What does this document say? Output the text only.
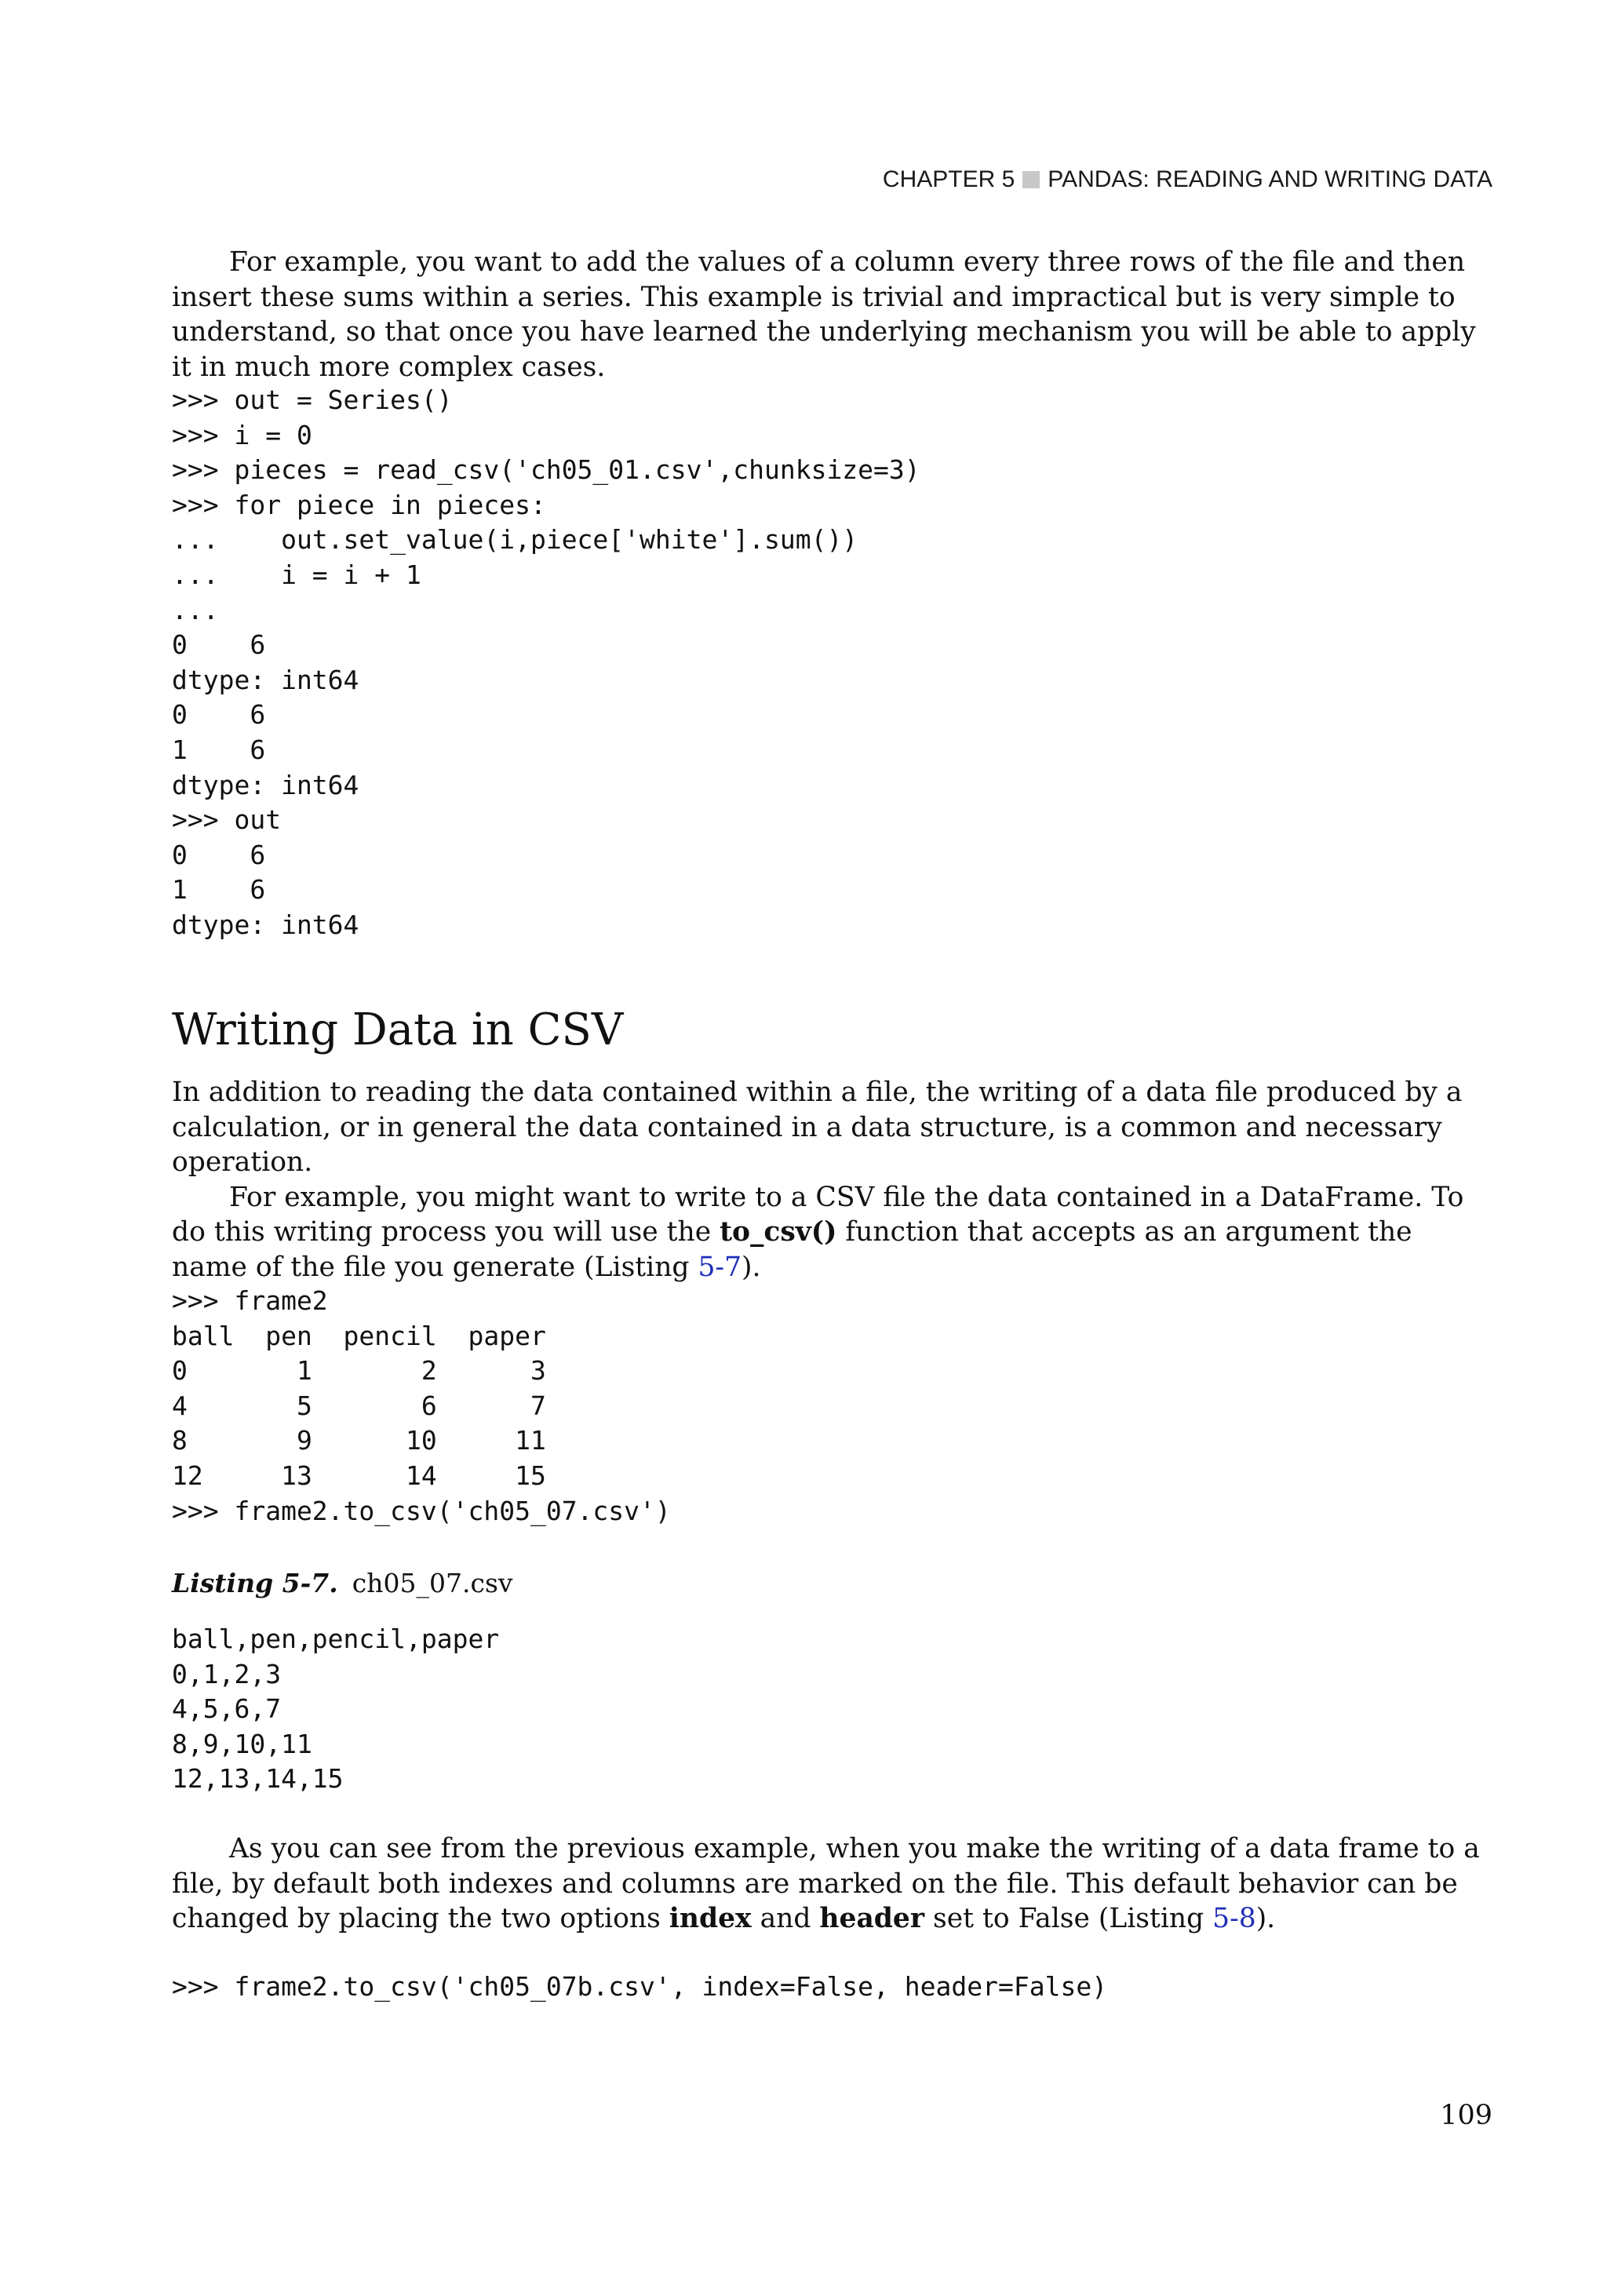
CHAPTER 5 PANDAS: READING AND WRITING DATA

For example, you want to add the values of a column every three rows of the file and then insert these sums within a series. This example is trivial and impractical but is very simple to understand, so that once you have learned the underlying mechanism you will be able to apply it in much more complex cases.

>>> out = Series()
>>> i = 0
>>> pieces = read_csv('ch05_01.csv',chunksize=3)
>>> for piece in pieces:
...    out.set_value(i,piece['white'].sum())
...    i = i + 1
...
0    6
dtype: int64
0    6
1    6
dtype: int64
>>> out
0    6
1    6
dtype: int64
Writing Data in CSV

In addition to reading the data contained within a file, the writing of a data file produced by a calculation, or in general the data contained in a data structure, is a common and necessary operation.

For example, you might want to write to a CSV file the data contained in a DataFrame. To do this writing process you will use the to_csv() function that accepts as an argument the name of the file you generate (Listing 5-7).

>>> frame2
ball  pen  pencil  paper
0       1       2      3
4       5       6      7
8       9      10     11
12     13      14     15
>>> frame2.to_csv('ch05_07.csv')
Listing 5-7. ch05_07.csv
ball,pen,pencil,paper
0,1,2,3
4,5,6,7
8,9,10,11
12,13,14,15

As you can see from the previous example, when you make the writing of a data frame to a file, by default both indexes and columns are marked on the file. This default behavior can be changed by placing the two options index and header set to False (Listing 5-8).

>>> frame2.to_csv('ch05_07b.csv', index=False, header=False)
109
